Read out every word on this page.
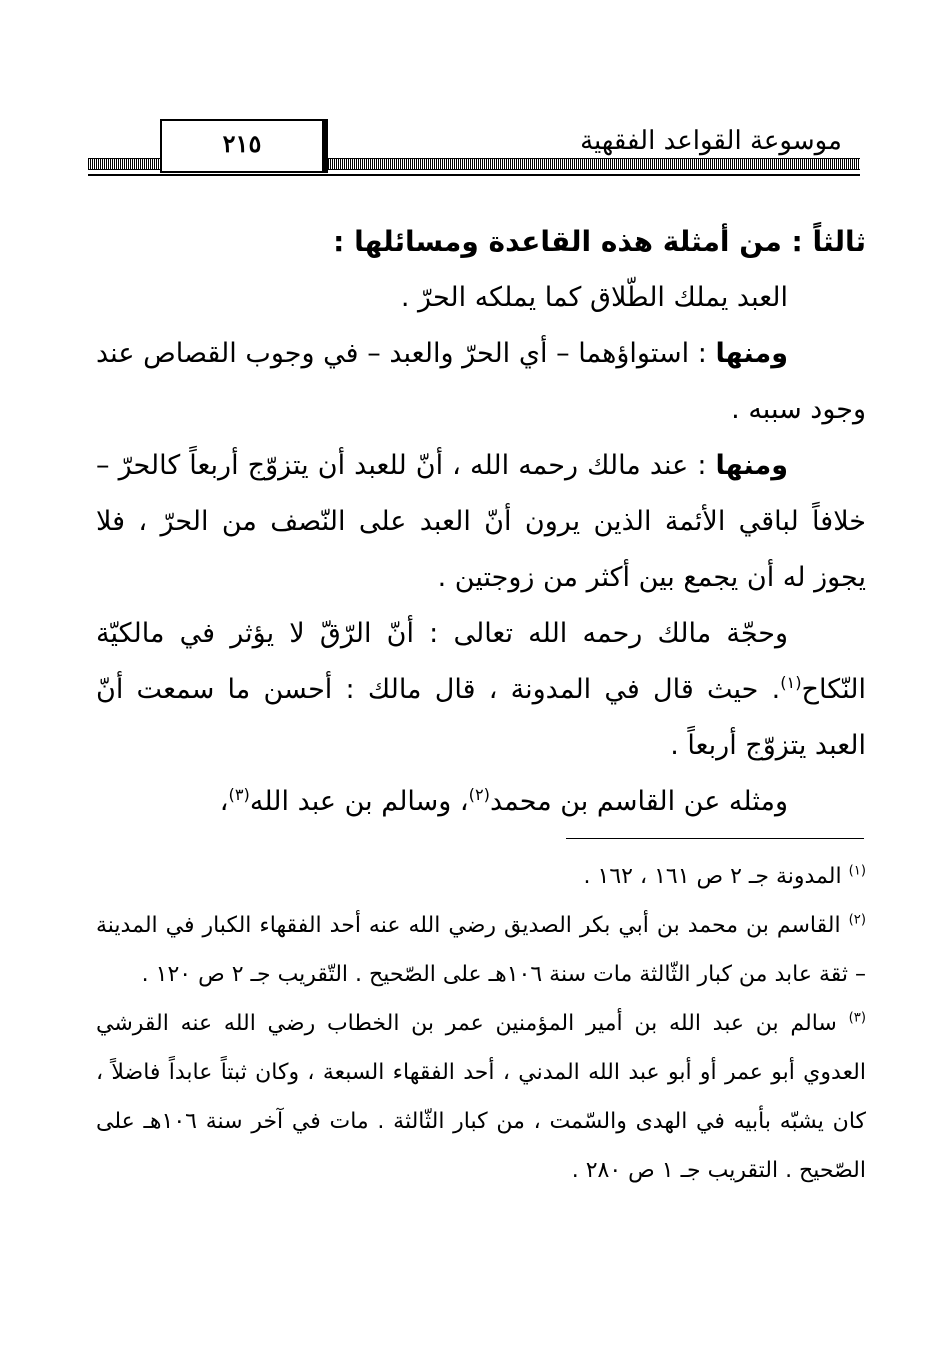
موسوعة القواعد الفقهية
٢١٥

ثالثاً : من أمثلة هذه القاعدة ومسائلها :

العبد يملك الطّلاق كما يملكه الحرّ .

ومنها : استواؤهما – أي الحرّ والعبد – في وجوب القصاص عند وجود سببه .

ومنها : عند مالك رحمه الله ، أنّ للعبد أن يتزوّج أربعاً كالحرّ – خلافاً لباقي الأئمة الذين يرون أنّ العبد على النّصف من الحرّ ، فلا يجوز له أن يجمع بين أكثر من زوجتين .

وحجّة مالك رحمه الله تعالى : أنّ الرّقّ لا يؤثر في مالكيّة النّكاح$^{(١)}$. حيث قال في المدونة ، قال مالك : أحسن ما سمعت أنّ العبد يتزوّج أربعاً .

ومثله عن القاسم بن محمد$^{(٢)}$، وسالم بن عبد الله$^{(٣)}$،

$^{(١)}$ المدونة جـ ٢ ص ١٦١ ، ١٦٢ .

$^{(٢)}$ القاسم بن محمد بن أبي بكر الصديق رضي الله عنه أحد الفقهاء الكبار في المدينة – ثقة عابد من كبار الثّالثة مات سنة ١٠٦هـ على الصّحيح . التّقريب جـ ٢ ص ١٢٠ .

$^{(٣)}$ سالم بن عبد الله بن أمير المؤمنين عمر بن الخطاب رضي الله عنه القرشي العدوي أبو عمر أو أبو عبد الله المدني ، أحد الفقهاء السبعة ، وكان ثبتاً عابداً فاضلاً ، كان يشبّه بأبيه في الهدى والسّمت ، من كبار الثّالثة . مات في آخر سنة ١٠٦هـ على الصّحيح . التقريب جـ ١ ص ٢٨٠ .
